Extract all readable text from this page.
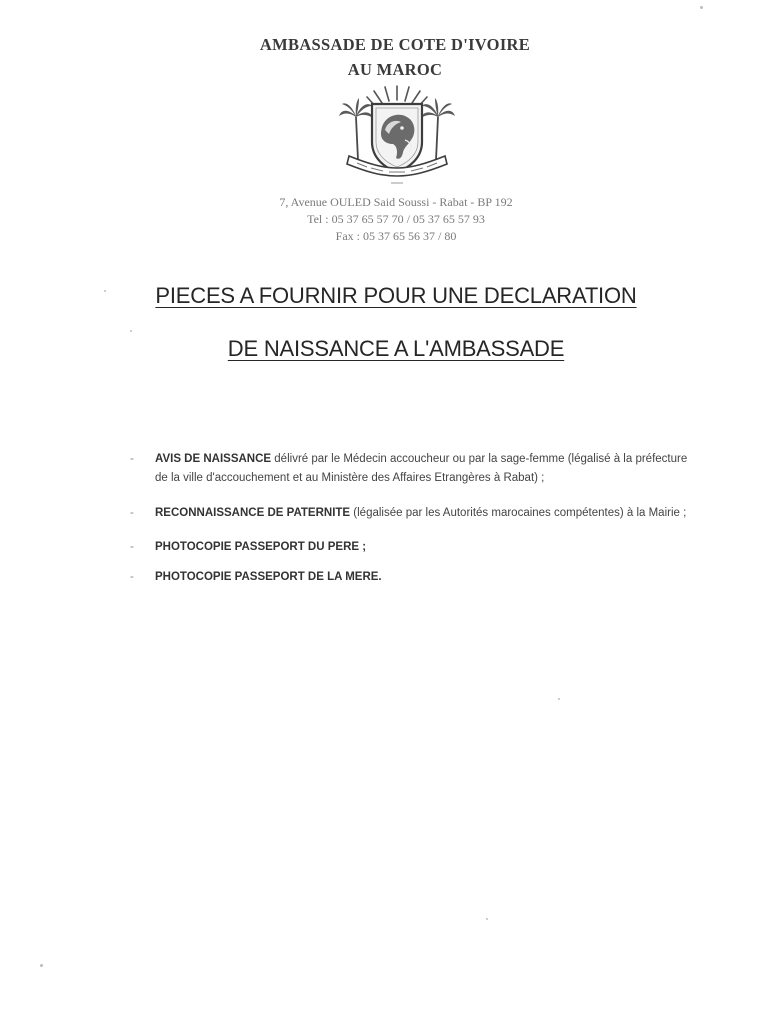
AMBASSADE DE COTE D'IVOIRE
AU MAROC
7, Avenue OULED Said Soussi - Rabat - BP 192
Tel : 05 37 65 57 70 / 05 37 65 57 93
Fax : 05 37 65 56 37 / 80
PIECES A FOURNIR POUR UNE DECLARATION
DE NAISSANCE A L'AMBASSADE
- AVIS DE NAISSANCE délivré par le Médecin accoucheur ou par la sage-femme (légalisé à la préfecture de la ville d'accouchement et au Ministère des Affaires Etrangères à Rabat) ;
- RECONNAISSANCE DE PATERNITE (légalisée par les Autorités marocaines compétentes) à la Mairie ;
- PHOTOCOPIE PASSEPORT DU PERE ;
- PHOTOCOPIE PASSEPORT DE LA MERE.
